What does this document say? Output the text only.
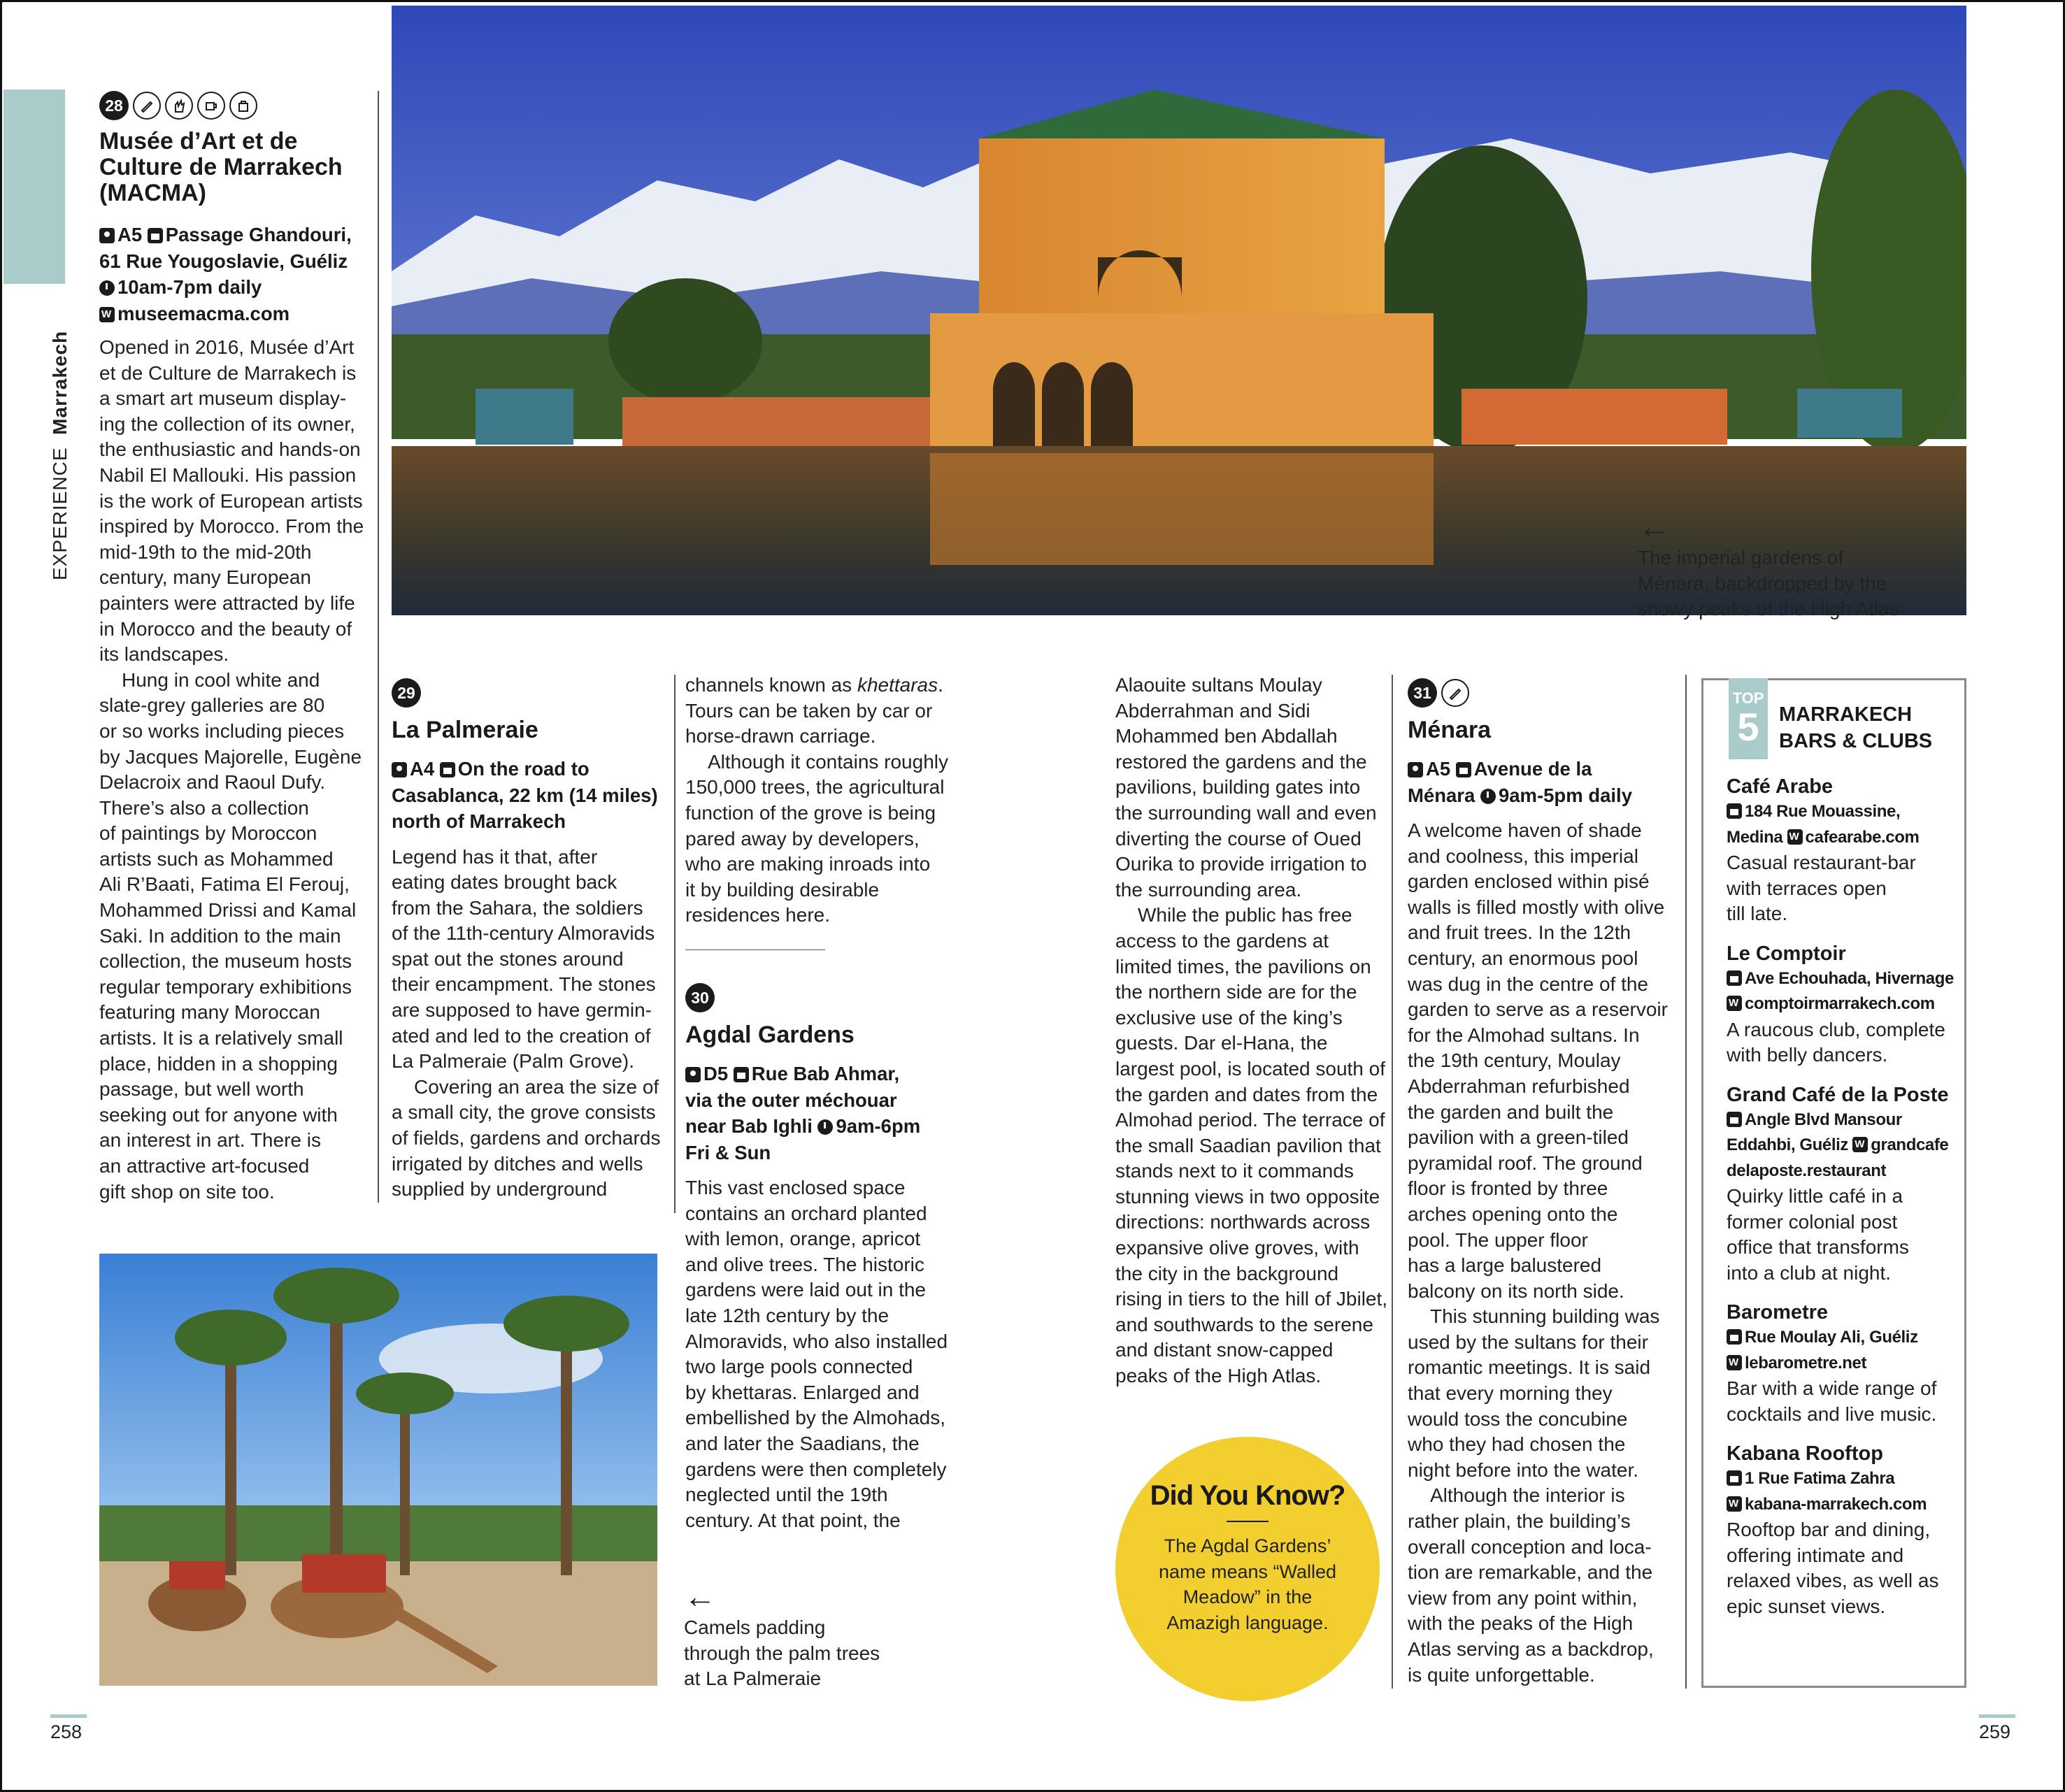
EXPERIENCE  Marrakech
28
Musée d’Art et de
Culture de Marrakech
(MACMA)
A5 Passage Ghandouri,
61 Rue Yougoslavie, Guéliz
10am-7pm daily
Wmuseemacma.com

Opened in 2016, Musée d’Art
et de Culture de Marrakech is
a smart art museum display-
ing the collection of its owner,
the enthusiastic and hands-on
Nabil El Mallouki. His passion
is the work of European artists
inspired by Morocco. From the
mid-19th to the mid-20th
century, many European
painters were attracted by life
in Morocco and the beauty of
its landscapes.

Hung in cool white and
slate-grey galleries are 80
or so works including pieces
by Jacques Majorelle, Eugène
Delacroix and Raoul Dufy.
There’s also a collection
of paintings by Moroccon
artists such as Mohammed
Ali R’Baati, Fatima El Ferouj,
Mohammed Drissi and Kamal
Saki. In addition to the main
collection, the museum hosts
regular temporary exhibitions
featuring many Moroccan
artists. It is a relatively small
place, hidden in a shopping
passage, but well worth
seeking out for anyone with
an interest in art. There is
an attractive art-focused
gift shop on site too.

←
The imperial gardens of
Ménara, backdropped by the
snowy peaks of the High Atlas
29
La Palmeraie
A4 On the road to
Casablanca, 22 km (14 miles)
north of Marrakech

Legend has it that, after
eating dates brought back
from the Sahara, the soldiers
of the 11th-century Almoravids
spat out the stones around
their encampment. The stones
are supposed to have germin-
ated and led to the creation of
La Palmeraie (Palm Grove).

Covering an area the size of
a small city, the grove consists
of fields, gardens and orchards
irrigated by ditches and wells
supplied by underground

channels known as khettaras.
Tours can be taken by car or
horse-drawn carriage.

Although it contains roughly
150,000 trees, the agricultural
function of the grove is being
pared away by developers,
who are making inroads into
it by building desirable
residences here.

30
Agdal Gardens
D5 Rue Bab Ahmar,
via the outer méchouar
near Bab Ighli 9am-6pm
Fri & Sun

This vast enclosed space
contains an orchard planted
with lemon, orange, apricot
and olive trees. The historic
gardens were laid out in the
late 12th century by the
Almoravids, who also installed
two large pools connected
by khettaras. Enlarged and
embellished by the Almohads,
and later the Saadians, the
gardens were then completely
neglected until the 19th
century. At that point, the

Alaouite sultans Moulay
Abderrahman and Sidi
Mohammed ben Abdallah
restored the gardens and the
pavilions, building gates into
the surrounding wall and even
diverting the course of Oued
Ourika to provide irrigation to
the surrounding area.

While the public has free
access to the gardens at
limited times, the pavilions on
the northern side are for the
exclusive use of the king’s
guests. Dar el-Hana, the
largest pool, is located south of
the garden and dates from the
Almohad period. The terrace of
the small Saadian pavilion that
stands next to it commands
stunning views in two opposite
directions: northwards across
expansive olive groves, with
the city in the background
rising in tiers to the hill of Jbilet,
and southwards to the serene
and distant snow-capped
peaks of the High Atlas.

←
Camels padding
through the palm trees
at La Palmeraie
Did You Know?
The Agdal Gardens’
name means “Walled
Meadow” in the
Amazigh language.
31
Ménara
A5 Avenue de la
Ménara 9am-5pm daily

A welcome haven of shade
and coolness, this imperial
garden enclosed within pisé
walls is filled mostly with olive
and fruit trees. In the 12th
century, an enormous pool
was dug in the centre of the
garden to serve as a reservoir
for the Almohad sultans. In
the 19th century, Moulay
Abderrahman refurbished
the garden and built the
pavilion with a green-tiled
pyramidal roof. The ground
floor is fronted by three
arches opening onto the
pool. The upper floor
has a large balustered
balcony on its north side.

This stunning building was
used by the sultans for their
romantic meetings. It is said
that every morning they
would toss the concubine
who they had chosen the
night before into the water.

Although the interior is
rather plain, the building’s
overall conception and loca-
tion are remarkable, and the
view from any point within,
with the peaks of the High
Atlas serving as a backdrop,
is quite unforgettable.

TOP
5 MARRAKECH
BARS & CLUBS
Café Arabe
184 Rue Mouassine,
Medina Wcafearabe.com
Casual restaurant-bar
with terraces open
till late.
Le Comptoir
Ave Echouhada, Hivernage
Wcomptoirmarrakech.com
A raucous club, complete
with belly dancers.
Grand Café de la Poste
Angle Blvd Mansour
Eddahbi, Guéliz Wgrandcafe
delaposte.restaurant
Quirky little café in a
former colonial post
office that transforms
into a club at night.
Barometre
Rue Moulay Ali, Guéliz
Wlebarometre.net
Bar with a wide range of
cocktails and live music.
Kabana Rooftop
1 Rue Fatima Zahra
Wkabana-marrakech.com
Rooftop bar and dining,
offering intimate and
relaxed vibes, as well as
epic sunset views.
258	259
